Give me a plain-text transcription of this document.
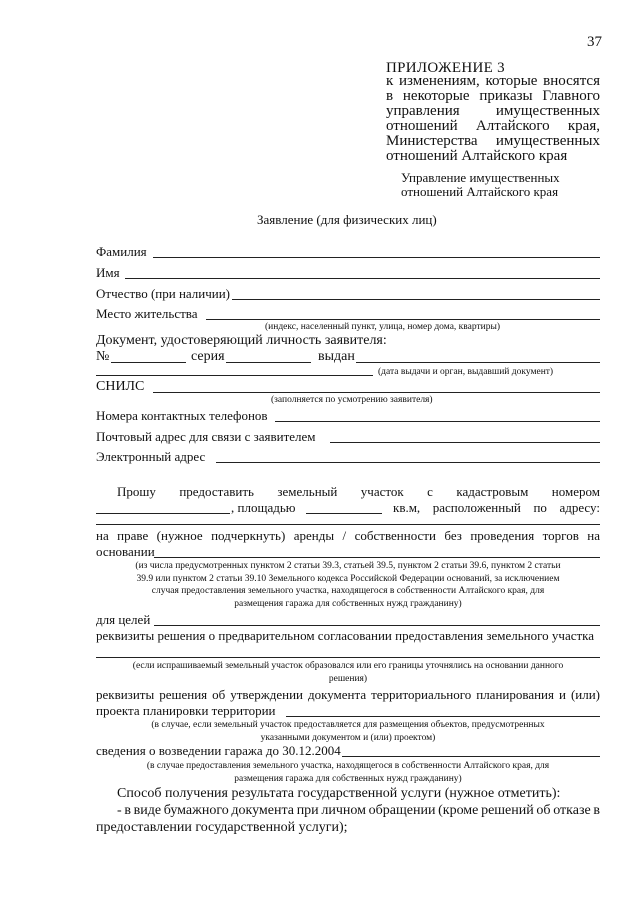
37
ПРИЛОЖЕНИЕ 3
к изменениям, которые вносятся
в некоторые приказы Главного
управления имущественных
отношений Алтайского края,
Министерства имущественных
отношений Алтайского края
Управление имущественных
отношений Алтайского края
Заявление (для физических лиц)
Фамилия
Имя
Отчество (при наличии)
Место жительства
(индекс, населенный пункт, улица, номер дома, квартиры)
Документ, удостоверяющий личность заявителя:
№	серия	выдан
(дата выдачи и орган, выдавший документ)
СНИЛС
(заполняется по усмотрению заявителя)
Номера контактных телефонов
Почтовый адрес для связи с заявителем
Электронный адрес
Прошу предоставить земельный участок с кадастровым номером
, площадью	кв.м, расположенный по адресу:
на праве (нужное подчеркнуть) аренды / собственности без проведения торгов на
основании
(из числа предусмотренных пунктом 2 статьи 39.3, статьей 39.5, пунктом 2 статьи 39.6, пунктом 2 статьи
39.9 или пунктом 2 статьи 39.10 Земельного кодекса Российской Федерации оснований, за исключением
случая предоставления земельного участка, находящегося в собственности Алтайского края, для
размещения гаража для собственных нужд гражданину)
для целей
реквизиты решения о предварительном согласовании предоставления земельного участка
(если испрашиваемый земельный участок образовался или его границы уточнялись на основании данного
решения)
реквизиты решения об утверждении документа территориального планирования и (или)
проекта планировки территории
(в случае, если земельный участок предоставляется для размещения объектов, предусмотренных
указанными документом и (или) проектом)
сведения о возведении гаража до 30.12.2004
(в случае предоставления земельного участка, находящегося в собственности Алтайского края, для
размещения гаража для собственных нужд гражданину)
Способ получения результата государственной услуги (нужное отметить):
- в виде бумажного документа при личном обращении (кроме решений об отказе в
предоставлении государственной услуги);
